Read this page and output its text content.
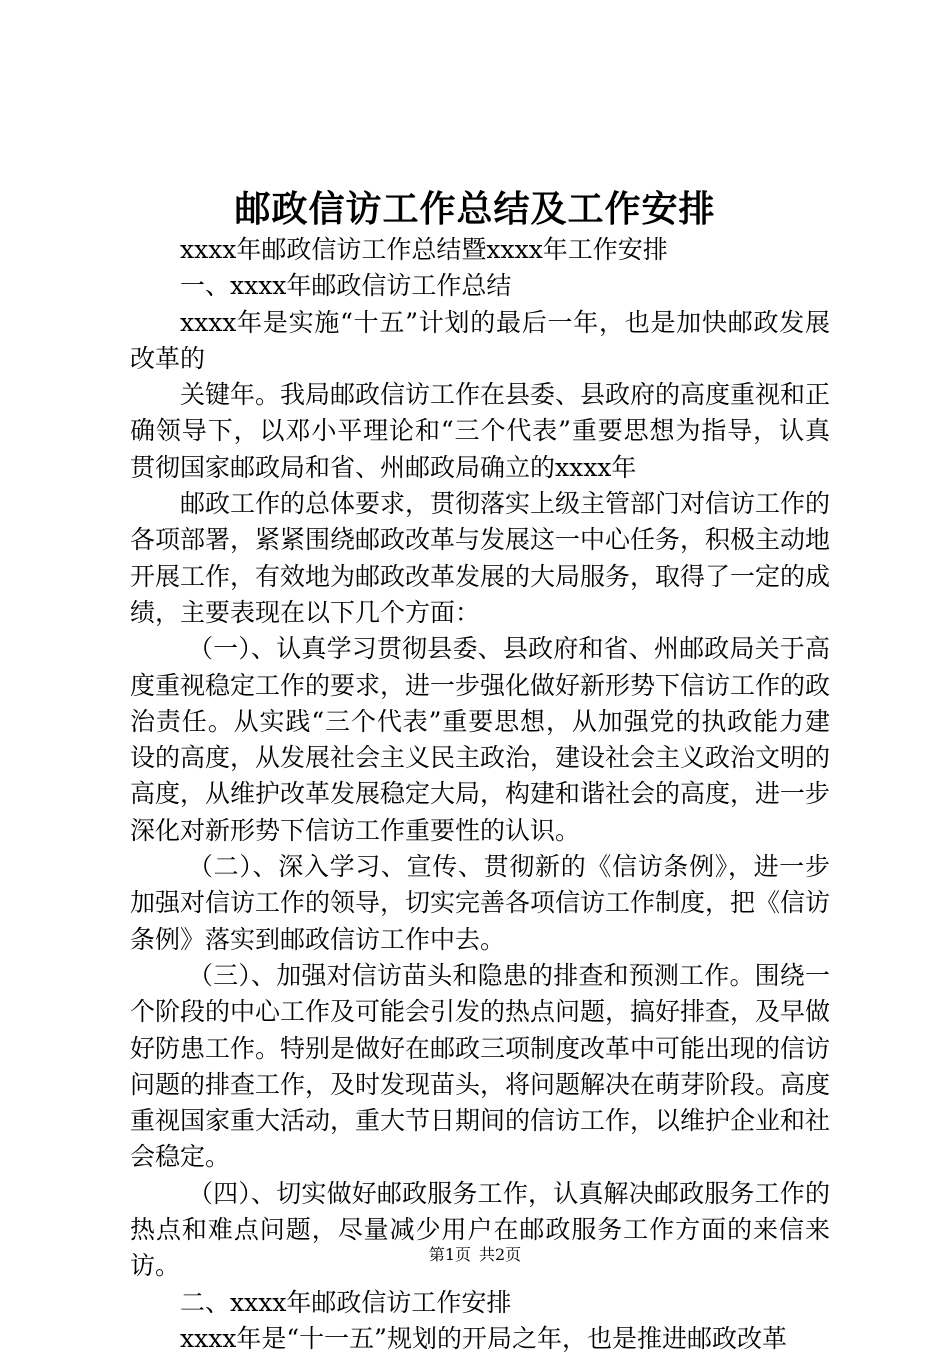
邮政信访工作总结及工作安排

xxxx年邮政信访工作总结暨xxxx年工作安排

一、xxxx年邮政信访工作总结

xxxx年是实施“十五”计划的最后一年，也是加快邮政发展改革的

关键年。我局邮政信访工作在县委、县政府的高度重视和正确领导下，以邓小平理论和“三个代表”重要思想为指导，认真贯彻国家邮政局和省、州邮政局确立的xxxx年

邮政工作的总体要求，贯彻落实上级主管部门对信访工作的各项部署，紧紧围绕邮政改革与发展这一中心任务，积极主动地开展工作，有效地为邮政改革发展的大局服务，取得了一定的成绩，主要表现在以下几个方面：

（一）、认真学习贯彻县委、县政府和省、州邮政局关于高度重视稳定工作的要求，进一步强化做好新形势下信访工作的政治责任。从实践“三个代表”重要思想，从加强党的执政能力建设的高度，从发展社会主义民主政治，建设社会主义政治文明的高度，从维护改革发展稳定大局，构建和谐社会的高度，进一步深化对新形势下信访工作重要性的认识。

（二）、深入学习、宣传、贯彻新的《信访条例》，进一步加强对信访工作的领导，切实完善各项信访工作制度，把《信访条例》落实到邮政信访工作中去。

（三）、加强对信访苗头和隐患的排查和预测工作。围绕一个阶段的中心工作及可能会引发的热点问题，搞好排查，及早做好防患工作。特别是做好在邮政三项制度改革中可能出现的信访问题的排查工作，及时发现苗头，将问题解决在萌芽阶段。高度重视国家重大活动，重大节日期间的信访工作，以维护企业和社会稳定。

（四）、切实做好邮政服务工作，认真解决邮政服务工作的热点和难点问题，尽量减少用户在邮政服务工作方面的来信来访。

二、xxxx年邮政信访工作安排

xxxx年是“十一五”规划的开局之年，也是推进邮政改革

第1页 共2页
